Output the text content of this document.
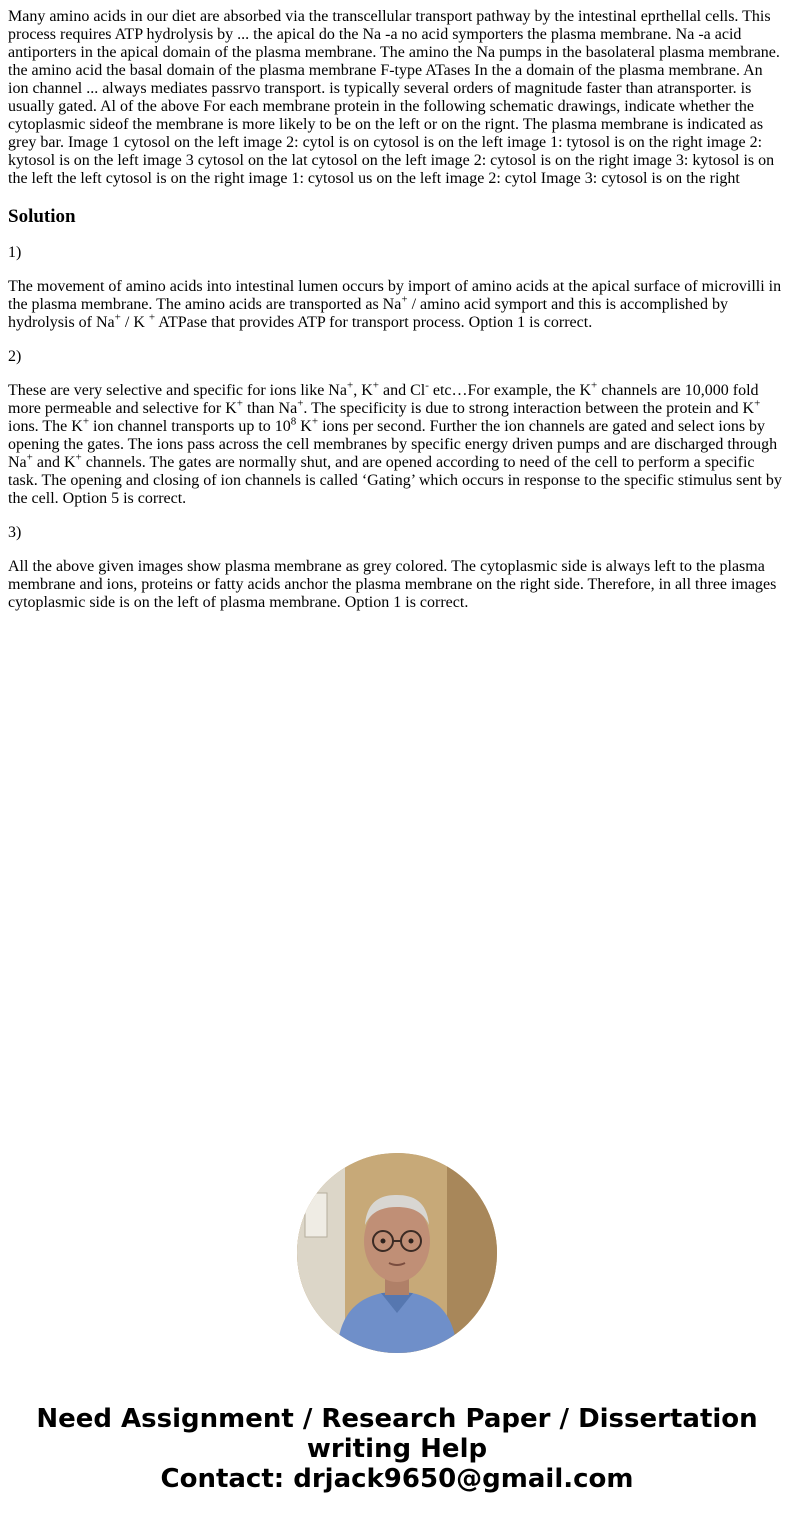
Many amino acids in our diet are absorbed via the transcellular transport pathway by the intestinal eprthellal cells. This process requires ATP hydrolysis by ... the apical do the Na -a no acid symporters the plasma membrane. Na -a acid antiporters in the apical domain of the plasma membrane. The amino the Na pumps in the basolateral plasma membrane. the amino acid the basal domain of the plasma membrane F-type ATases In the a domain of the plasma membrane. An ion channel ... always mediates passrvo transport. is typically several orders of magnitude faster than atransporter. is usually gated. Al of the above For each membrane protein in the following schematic drawings, indicate whether the cytoplasmic sideof the membrane is more likely to be on the left or on the rignt. The plasma membrane is indicated as grey bar. Image 1 cytosol on the left image 2: cytol is on cytosol is on the left image 1: tytosol is on the right image 2: kytosol is on the left image 3 cytosol on the lat cytosol on the left image 2: cytosol is on the right image 3: kytosol is on the left the left cytosol is on the right image 1: cytosol us on the left image 2: cytol Image 3: cytosol is on the right
Solution

1)

The movement of amino acids into intestinal lumen occurs by import of amino acids at the apical surface of microvilli in the plasma membrane. The amino acids are transported as Na+ / amino acid symport and this is accomplished by hydrolysis of Na+ / K + ATPase that provides ATP for transport process. Option 1 is correct.

2)

These are very selective and specific for ions like Na+, K+ and Cl- etc…For example, the K+ channels are 10,000 fold more permeable and selective for K+ than Na+. The specificity is due to strong interaction between the protein and K+ ions. The K+ ion channel transports up to $10^8$ K+ ions per second. Further the ion channels are gated and select ions by opening the gates. The ions pass across the cell membranes by specific energy driven pumps and are discharged through Na+ and K+ channels. The gates are normally shut, and are opened according to need of the cell to perform a specific task. The opening and closing of ion channels is called ‘Gating’ which occurs in response to the specific stimulus sent by the cell. Option 5 is correct.

3)

All the above given images show plasma membrane as grey colored. The cytoplasmic side is always left to the plasma membrane and ions, proteins or fatty acids anchor the plasma membrane on the right side. Therefore, in all three images cytoplasmic side is on the left of plasma membrane. Option 1 is correct.

Need Assignment / Research Paper / Dissertation
writing Help
Contact: drjack9650@gmail.com
